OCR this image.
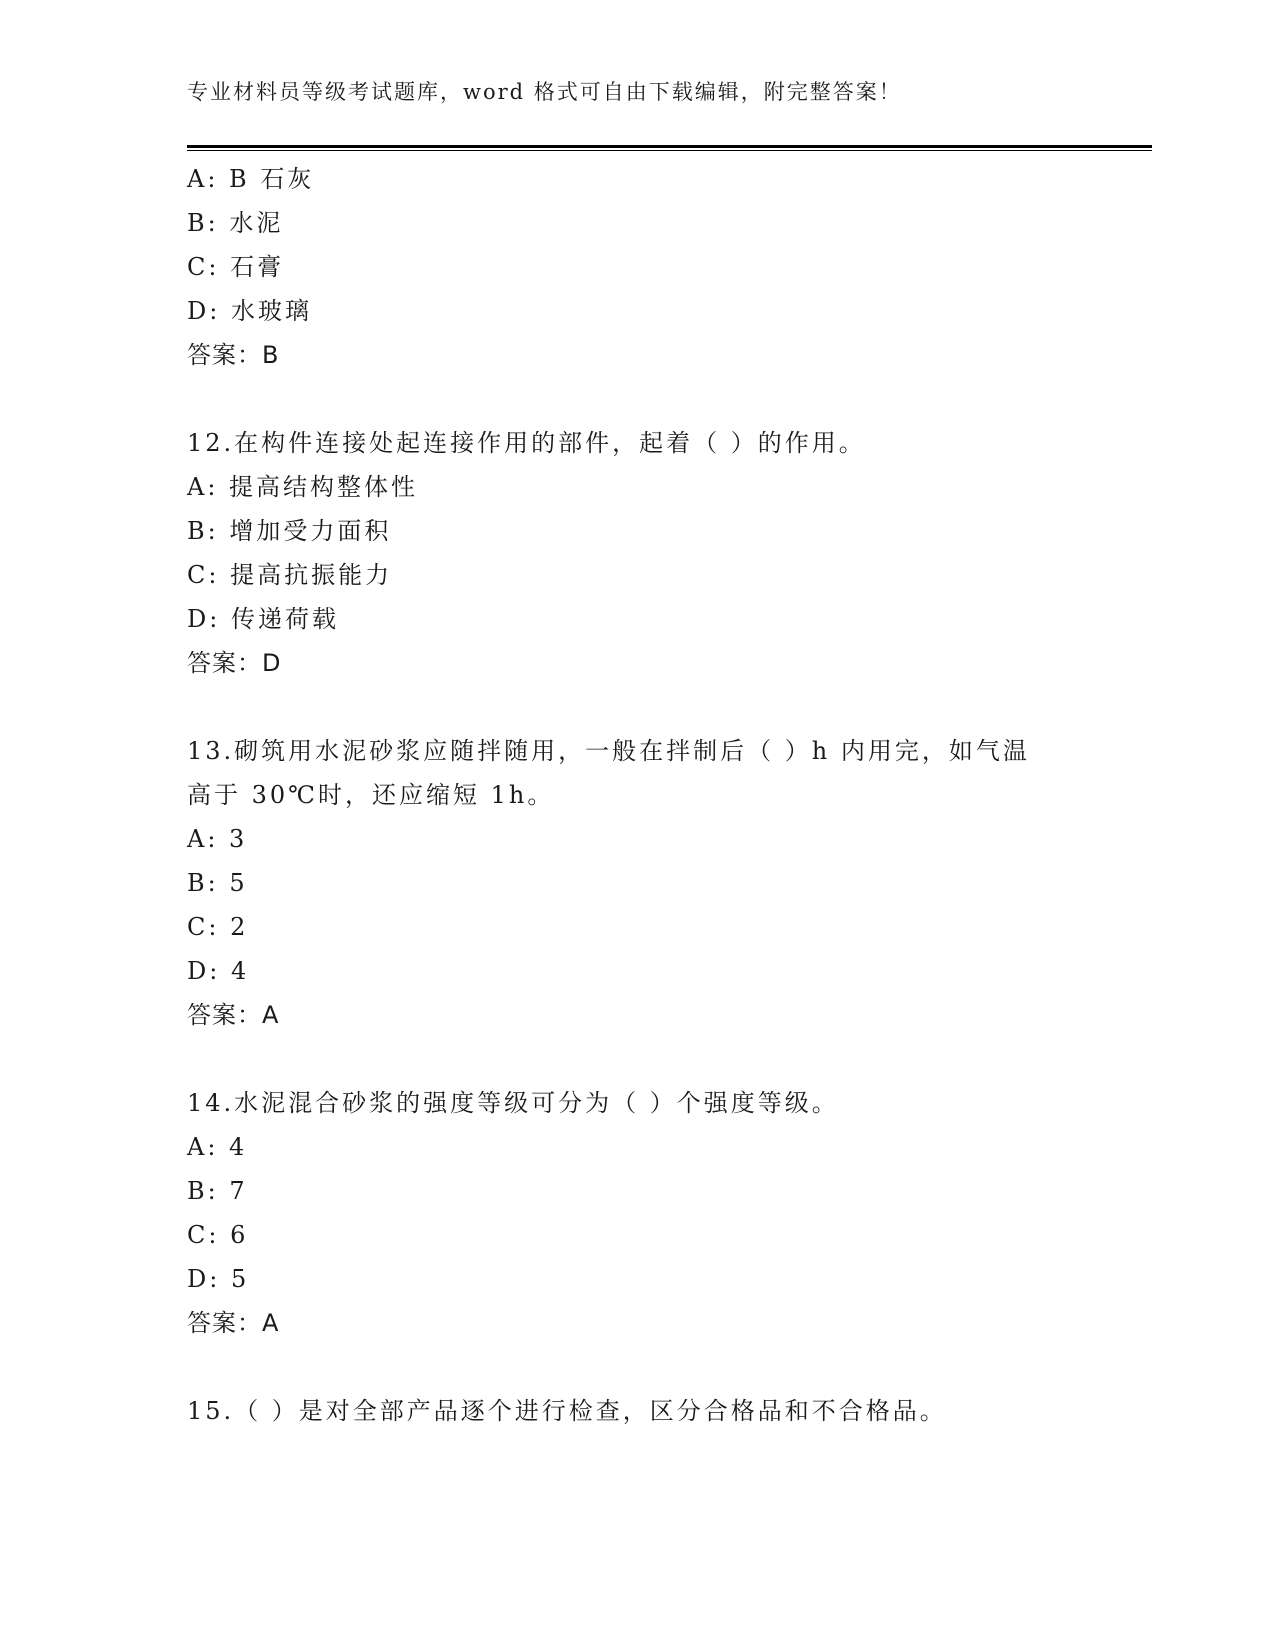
专业材料员等级考试题库，word 格式可自由下载编辑，附完整答案！
A: B 石灰
B: 水泥
C: 石膏
D: 水玻璃
答案：B
12.在构件连接处起连接作用的部件，起着（ ）的作用。
A: 提高结构整体性
B: 增加受力面积
C: 提高抗振能力
D: 传递荷载
答案：D
13.砌筑用水泥砂浆应随拌随用，一般在拌制后（ ）h 内用完，如气温
高于 30℃时，还应缩短 1h。
A: 3
B: 5
C: 2
D: 4
答案：A
14.水泥混合砂浆的强度等级可分为（ ）个强度等级。
A: 4
B: 7
C: 6
D: 5
答案：A
15.（ ）是对全部产品逐个进行检查，区分合格品和不合格品。
